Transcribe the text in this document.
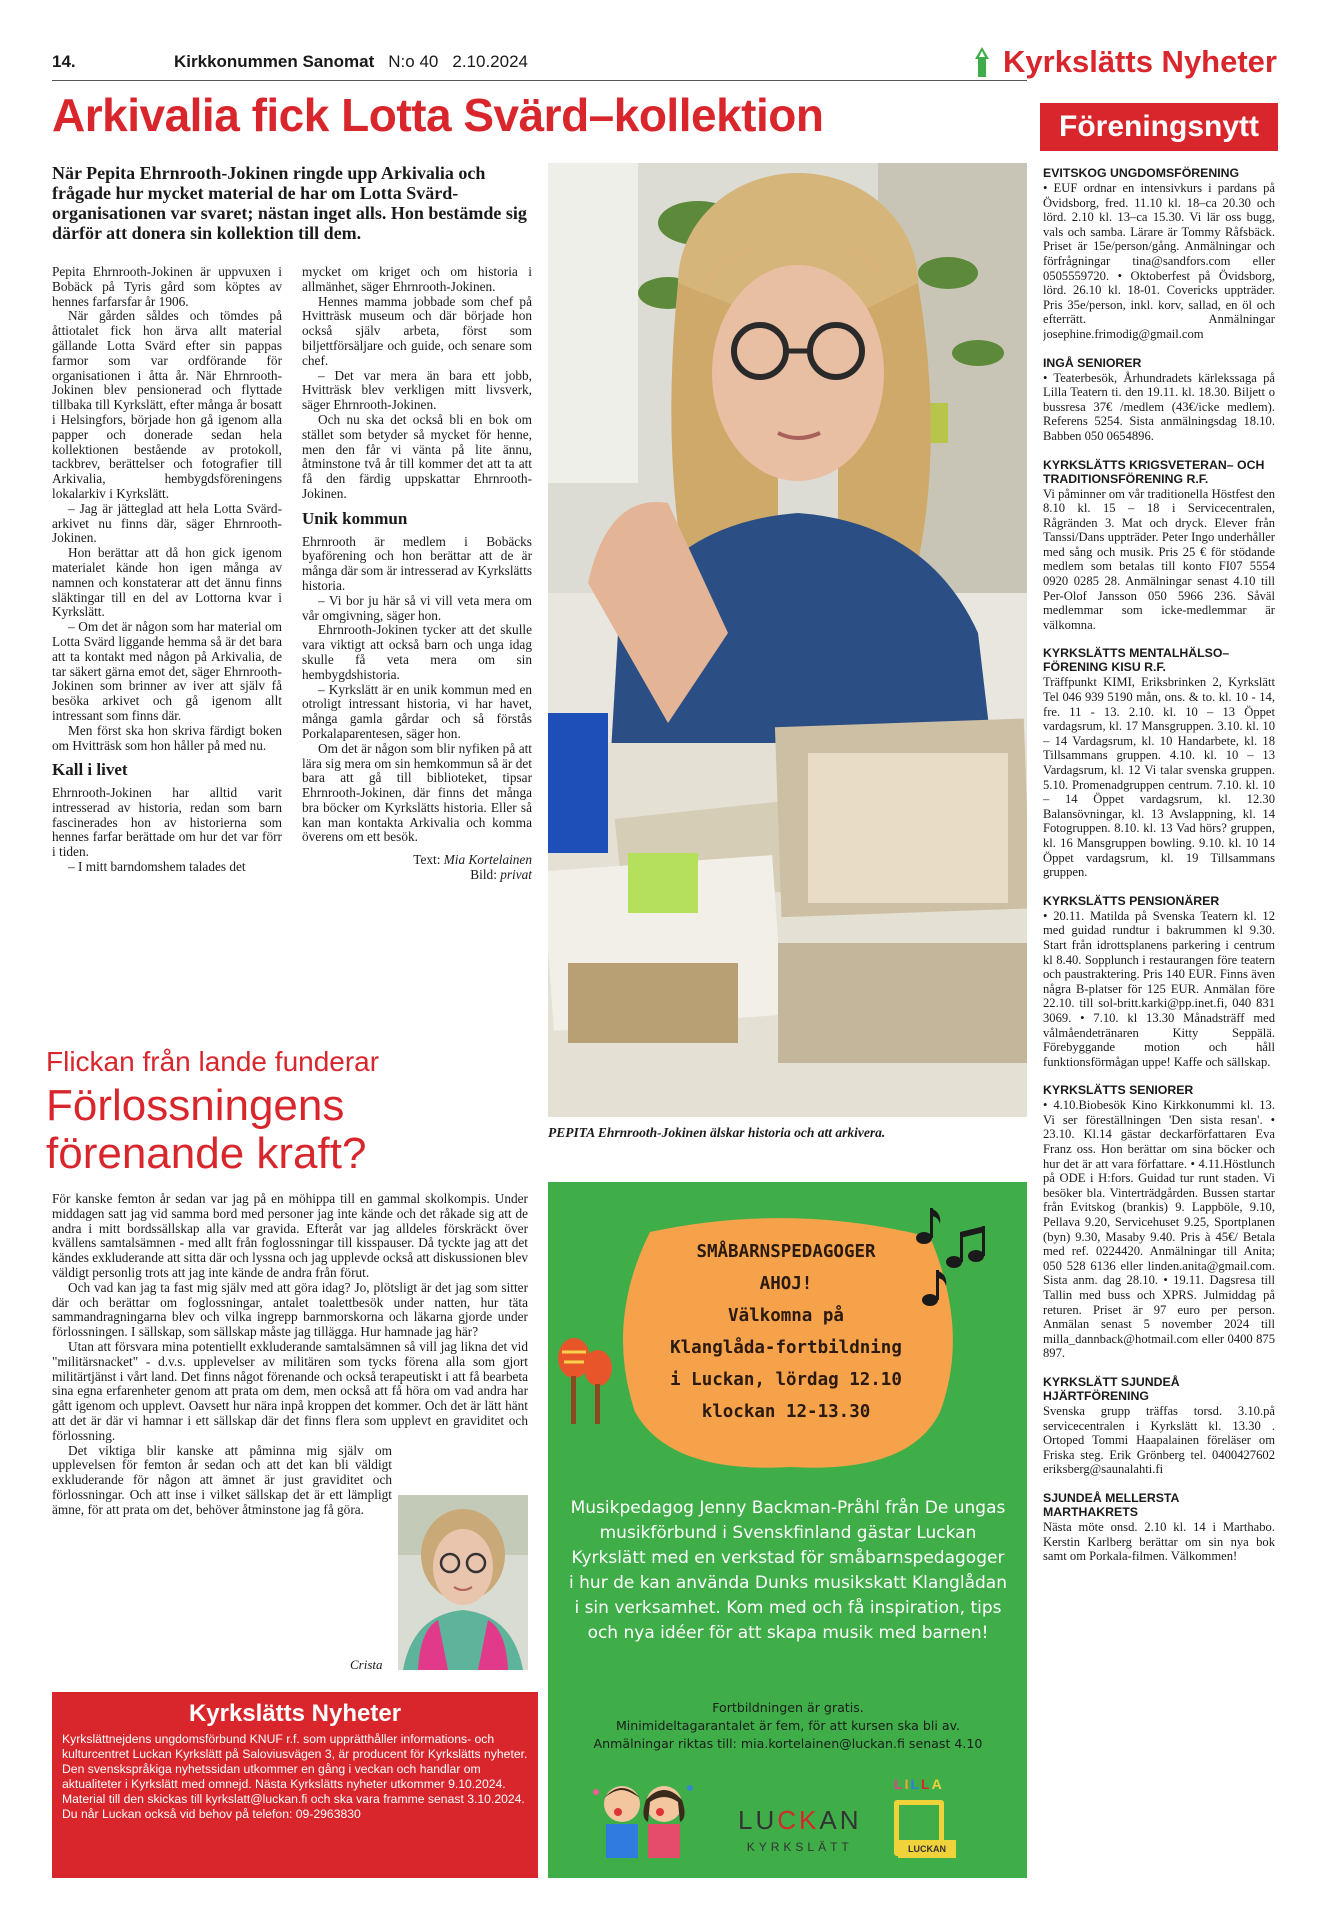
14.	Kirkkonummen Sanomat N:o 40 2.10.2024	Kyrkslätts Nyheter
Arkivalia fick Lotta Svärd–kollektion
När Pepita Ehrnrooth-Jokinen ringde upp Arkivalia och frågade hur mycket material de har om Lotta Svärd-organisationen var svaret; nästan inget alls. Hon bestämde sig därför att donera sin kollektion till dem.

Pepita Ehrnrooth-Jokinen är uppvuxen i Bobäck på Tyris gård som köptes av hennes farfarsfar år 1906.

När gården såldes och tömdes på åttiotalet fick hon ärva allt material gällande Lotta Svärd efter sin pappas farmor som var ordförande för organisationen i åtta år. När Ehrnrooth-Jokinen blev pensionerad och flyttade tillbaka till Kyrkslätt, efter många år bosatt i Helsingfors, började hon gå igenom alla papper och donerade sedan hela kollektionen bestående av protokoll, tackbrev, berättelser och fotografier till Arkivalia, hembygdsföreningens lokalarkiv i Kyrkslätt.

– Jag är jätteglad att hela Lotta Svärd-arkivet nu finns där, säger Ehrnrooth-Jokinen.

Hon berättar att då hon gick igenom materialet kände hon igen många av namnen och konstaterar att det ännu finns släktingar till en del av Lottorna kvar i Kyrkslätt.

– Om det är någon som har material om Lotta Svärd liggande hemma så är det bara att ta kontakt med någon på Arkivalia, de tar säkert gärna emot det, säger Ehrnrooth-Jokinen som brinner av iver att själv få besöka arkivet och gå igenom allt intressant som finns där.

Men först ska hon skriva färdigt boken om Hvitträsk som hon håller på med nu.

Kall i livet

Ehrnrooth-Jokinen har alltid varit intresserad av historia, redan som barn fascinerades hon av historierna som hennes farfar berättade om hur det var förr i tiden.

– I mitt barndomshem talades det

mycket om kriget och om historia i allmänhet, säger Ehrnrooth-Jokinen.

Hennes mamma jobbade som chef på Hvitträsk museum och där började hon också själv arbeta, först som biljettförsäljare och guide, och senare som chef.

– Det var mera än bara ett jobb, Hvitträsk blev verkligen mitt livsverk, säger Ehrnrooth-Jokinen.

Och nu ska det också bli en bok om stället som betyder så mycket för henne, men den får vi vänta på lite ännu, åtminstone två år till kommer det att ta att få den färdig uppskattar Ehrnrooth-Jokinen.

Unik kommun

Ehrnrooth är medlem i Bobäcks byaförening och hon berättar att de är många där som är intresserad av Kyrkslätts historia.

– Vi bor ju här så vi vill veta mera om vår omgivning, säger hon.

Ehrnrooth-Jokinen tycker att det skulle vara viktigt att också barn och unga idag skulle få veta mera om sin hembygdshistoria.

– Kyrkslätt är en unik kommun med en otroligt intressant historia, vi har havet, många gamla gårdar och så förstås Porkalaparentesen, säger hon.

Om det är någon som blir nyfiken på att lära sig mera om sin hemkommun så är det bara att gå till biblioteket, tipsar Ehrnrooth-Jokinen, där finns det många bra böcker om Kyrkslätts historia. Eller så kan man kontakta Arkivalia och komma överens om ett besök.

Text: Mia Kortelainen
Bild: privat
PEPITA Ehrnrooth-Jokinen älskar historia och att arkivera.
Flickan från lande funderar
Förlossningens förenande kraft?

För kanske femton år sedan var jag på en möhippa till en gammal skolkompis. Under middagen satt jag vid samma bord med personer jag inte kände och det råkade sig att de andra i mitt bordssällskap alla var gravida. Efteråt var jag alldeles förskräckt över kvällens samtalsämnen - med allt från foglossningar till kisspauser. Då tyckte jag att det kändes exkluderande att sitta där och lyssna och jag upplevde också att diskussionen blev väldigt personlig trots att jag inte kände de andra från förut.

Och vad kan jag ta fast mig själv med att göra idag? Jo, plötsligt är det jag som sitter där och berättar om foglossningar, antalet toalettbesök under natten, hur täta sammandragningarna blev och vilka ingrepp barnmorskorna och läkarna gjorde under förlossningen. I sällskap, som sällskap måste jag tillägga. Hur hamnade jag här?

Utan att försvara mina potentiellt exkluderande samtalsämnen så vill jag likna det vid "militärsnacket" - d.v.s. upplevelser av militären som tycks förena alla som gjort militärtjänst i vårt land. Det finns något förenande och också terapeutiskt i att få bearbeta sina egna erfarenheter genom att prata om dem, men också att få höra om vad andra har gått igenom och upplevt. Oavsett hur nära inpå kroppen det kommer. Och det är lätt hänt att det är där vi hamnar i ett sällskap där det finns flera som upplevt en graviditet och förlossning.

Det viktiga blir kanske att påminna mig själv om upplevelsen för femton år sedan och att det kan bli väldigt exkluderande för någon att ämnet är just graviditet och förlossningar. Och att inse i vilket sällskap det är ett lämpligt ämne, för att prata om det, behöver åtminstone jag få göra.

Crista
Kyrkslätts Nyheter
Kyrkslättnejdens ungdomsförbund KNUF r.f. som upprätthåller informations- och kulturcentret Luckan Kyrkslätt på Saloviusvägen 3, är producent för Kyrkslätts nyheter. Den svenskspråkiga nyhetssidan utkommer en gång i veckan och handlar om aktualiteter i Kyrkslätt med omnejd. Nästa Kyrkslätts nyheter utkommer 9.10.2024. Material till den skickas till kyrkslatt@luckan.fi och ska vara framme senast 3.10.2024. Du når Luckan också vid behov på telefon: 09-2963830
SMÅBARNSPEDAGOGER
AHOJ!
Välkomna på
Klanglåda-fortbildning
i Luckan, lördag 12.10
klockan 12-13.30
Musikpedagog Jenny Backman-Pråhl från De ungas musikförbund i Svenskfinland gästar Luckan Kyrkslätt med en verkstad för småbarnspedagoger i hur de kan använda Dunks musikskatt Klanglådan i sin verksamhet. Kom med och få inspiration, tips och nya idéer för att skapa musik med barnen!
Fortbildningen är gratis.
Minimideltagarantalet är fem, för att kursen ska bli av.
Anmälningar riktas till: mia.kortelainen@luckan.fi senast 4.10
LUCKAN
KYRKSLÄTT
LILLA
LUCKAN
Föreningsnytt
EVITSKOG UNGDOMSFÖRENING

• EUF ordnar en intensivkurs i pardans på Övidsborg, fred. 11.10 kl. 18–ca 20.30 och lörd. 2.10 kl. 13–ca 15.30. Vi lär oss bugg, vals och samba. Lärare är Tommy Råfsbäck. Priset är 15e/person/gång. Anmälningar och förfrågningar tina@sandfors.com eller 0505559720. • Oktoberfest på Övidsborg, lörd. 26.10 kl. 18-01. Covericks uppträder. Pris 35e/person, inkl. korv, sallad, en öl och efterrätt. Anmälningar josephine.frimodig@gmail.com

INGÅ SENIORER

• Teaterbesök, Århundradets kärlekssaga på Lilla Teatern ti. den 19.11. kl. 18.30. Biljett o bussresa 37€ /medlem (43€/icke medlem). Referens 5254. Sista anmälningsdag 18.10. Babben 050 0654896.

KYRKSLÄTTS KRIGSVETERAN– OCH TRADITIONSFÖRENING R.F.

Vi påminner om vår traditionella Höstfest den 8.10 kl. 15 – 18 i Servicecentralen, Rågränden 3. Mat och dryck. Elever från Tanssi/Dans uppträder. Peter Ingo underhåller med sång och musik. Pris 25 € för stödande medlem som betalas till konto FI07 5554 0920 0285 28. Anmälningar senast 4.10 till Per-Olof Jansson 050 5966 236. Såväl medlemmar som icke-medlemmar är välkomna.

KYRKSLÄTTS MENTALHÄLSO– FÖRENING KISU R.F.

Träffpunkt KIMI, Eriksbrinken 2, Kyrkslätt Tel 046 939 5190 mån, ons. & to. kl. 10 - 14, fre. 11 - 13. 2.10. kl. 10 – 13 Öppet vardagsrum, kl. 17 Mansgruppen. 3.10. kl. 10 – 14 Vardagsrum, kl. 10 Handarbete, kl. 18 Tillsammans gruppen. 4.10. kl. 10 – 13 Vardagsrum, kl. 12 Vi talar svenska gruppen. 5.10. Promenadgruppen centrum. 7.10. kl. 10 – 14 Öppet vardagsrum, kl. 12.30 Balansövningar, kl. 13 Avslappning, kl. 14 Fotogruppen. 8.10. kl. 13 Vad hörs? gruppen, kl. 16 Mansgruppen bowling. 9.10. kl. 10 14 Öppet vardagsrum, kl. 19 Tillsammans gruppen.

KYRKSLÄTTS PENSIONÄRER

• 20.11. Matilda på Svenska Teatern kl. 12 med guidad rundtur i bakrummen kl 9.30. Start från idrottsplanens parkering i centrum kl 8.40. Sopplunch i restaurangen före teatern och paustraktering. Pris 140 EUR. Finns även några B-platser för 125 EUR. Anmälan före 22.10. till sol-britt.karki@pp.inet.fi, 040 831 3069. • 7.10. kl 13.30 Månadsträff med vålmåendetränaren Kitty Seppälä. Förebyggande motion och håll funktionsförmågan uppe! Kaffe och sällskap.

KYRKSLÄTTS SENIORER

• 4.10.Biobesök Kino Kirkkonummi kl. 13. Vi ser föreställningen 'Den sista resan'. • 23.10. Kl.14 gästar deckarförfattaren Eva Franz oss. Hon berättar om sina böcker och hur det är att vara författare. • 4.11.Höstlunch på ODE i H:fors. Guidad tur runt staden. Vi besöker bla. Vinterträdgården. Bussen startar från Evitskog (brankis) 9. Lappböle, 9.10, Pellava 9.20, Servicehuset 9.25, Sportplanen (byn) 9.30, Masaby 9.40. Pris à 45€/ Betala med ref. 0224420. Anmälningar till Anita; 050 528 6136 eller linden.anita@gmail.com. Sista anm. dag 28.10. • 19.11. Dagsresa till Tallin med buss och XPRS. Julmiddag på returen. Priset är 97 euro per person. Anmälan senast 5 november 2024 till milla_dannback@hotmail.com eller 0400 875 897.

KYRKSLÄTT SJUNDEÅ HJÄRTFÖRENING

Svenska grupp träffas torsd. 3.10.på servicecentralen i Kyrkslätt kl. 13.30 . Ortoped Tommi Haapalainen föreläser om Friska steg. Erik Grönberg tel. 0400427602 eriksberg@saunalahti.fi

SJUNDEÅ MELLERSTA MARTHAKRETS

Nästa möte onsd. 2.10 kl. 14 i Marthabo. Kerstin Karlberg berättar om sin nya bok samt om Porkala-filmen. Välkommen!
